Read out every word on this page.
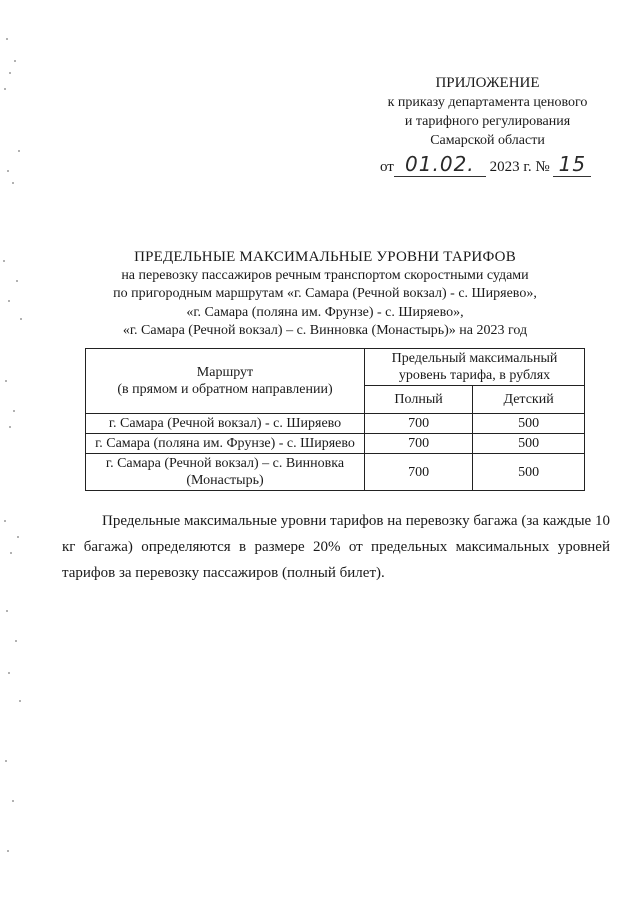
ПРИЛОЖЕНИЕ
к приказу департамента ценового
и тарифного регулирования
Самарской области
от 01.02. 2023 г. № 15
ПРЕДЕЛЬНЫЕ МАКСИМАЛЬНЫЕ УРОВНИ ТАРИФОВ
на перевозку пассажиров речным транспортом скоростными судами
по пригородным маршрутам «г. Самара (Речной вокзал) - с. Ширяево»,
«г. Самара (поляна им. Фрунзе) - с. Ширяево»,
«г. Самара (Речной вокзал) – с. Винновка (Монастырь)» на 2023 год
Маршрут
(в прямом и обратном направлении)	Предельный максимальный уровень тарифа, в рублях	
	Полный	Детский
г. Самара (Речной вокзал) - с. Ширяево	700	500
г. Самара (поляна им. Фрунзе) - с. Ширяево	700	500
г. Самара (Речной вокзал) – с. Винновка (Монастырь)	700	500
Предельные максимальные уровни тарифов на перевозку багажа (за каждые 10 кг багажа) определяются в размере 20% от предельных максимальных уровней тарифов за перевозку пассажиров (полный билет).
